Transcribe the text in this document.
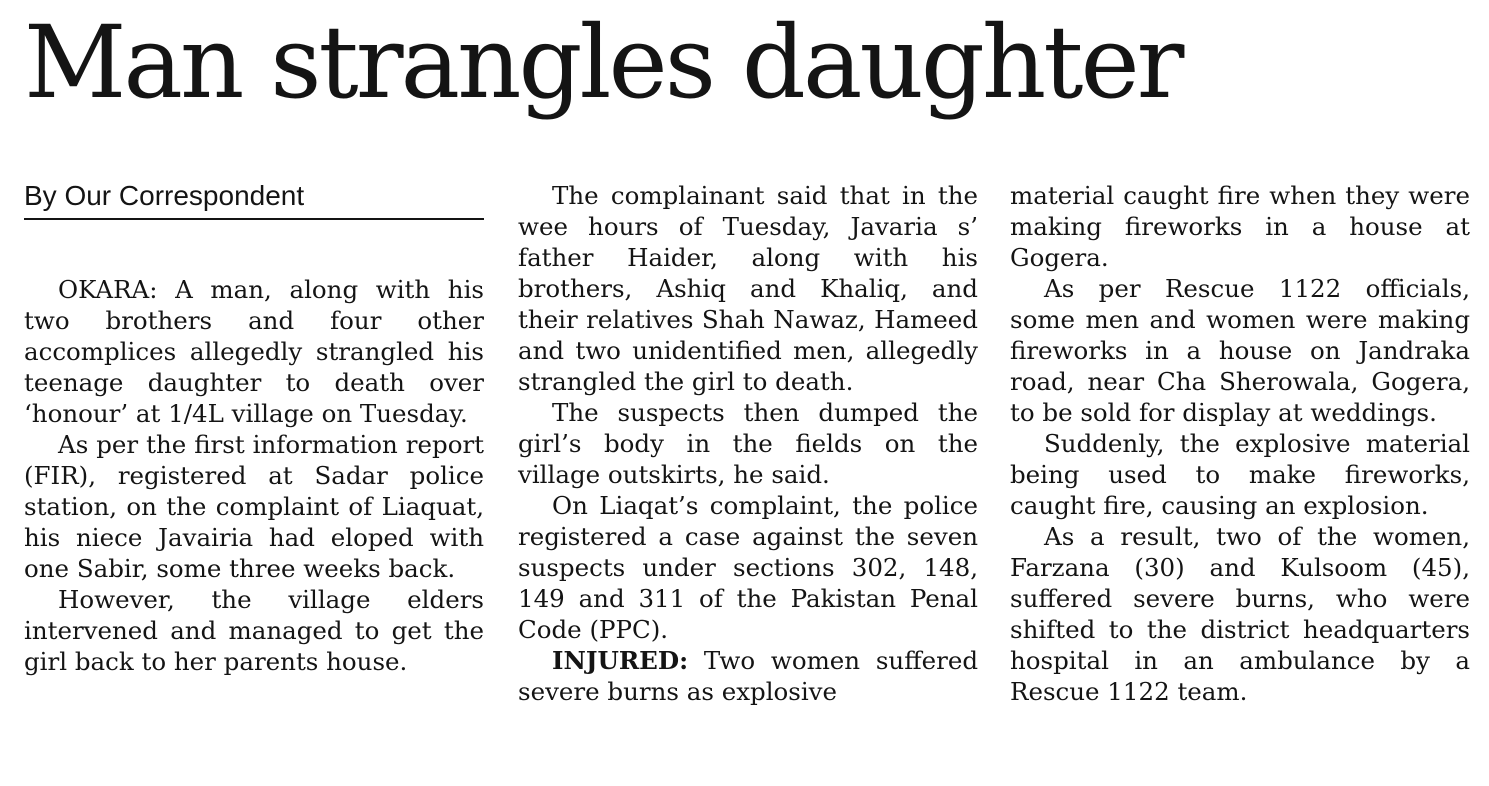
Man strangles daughter
By Our Correspondent

OKARA: A man, along with his two brothers and four other accomplices allegedly strangled his teenage daughter to death over ‘honour’ at 1/4L village on Tuesday.

As per the first information report (FIR), registered at Sadar police station, on the complaint of Liaquat, his niece Javairia had eloped with one Sabir, some three weeks back.

However, the village elders intervened and managed to get the girl back to her parents house.

The complainant said that in the wee hours of Tuesday, Javaria s’ father Haider, along with his brothers, Ashiq and Khaliq, and their relatives Shah Nawaz, Hameed and two unidentified men, allegedly strangled the girl to death.

The suspects then dumped the girl’s body in the fields on the village outskirts, he said.

On Liaqat’s complaint, the police registered a case against the seven suspects under sections 302, 148, 149 and 311 of the Pakistan Penal Code (PPC).

INJURED: Two women suffered severe burns as explosive

material caught fire when they were making fireworks in a house at Gogera.

As per Rescue 1122 officials, some men and women were making fireworks in a house on Jandraka road, near Cha Sherowala, Gogera, to be sold for display at weddings.

Suddenly, the explosive material being used to make fireworks, caught fire, causing an explosion.

As a result, two of the women, Farzana (30) and Kulsoom (45), suffered severe burns, who were shifted to the district headquarters hospital in an ambulance by a Rescue 1122 team.
